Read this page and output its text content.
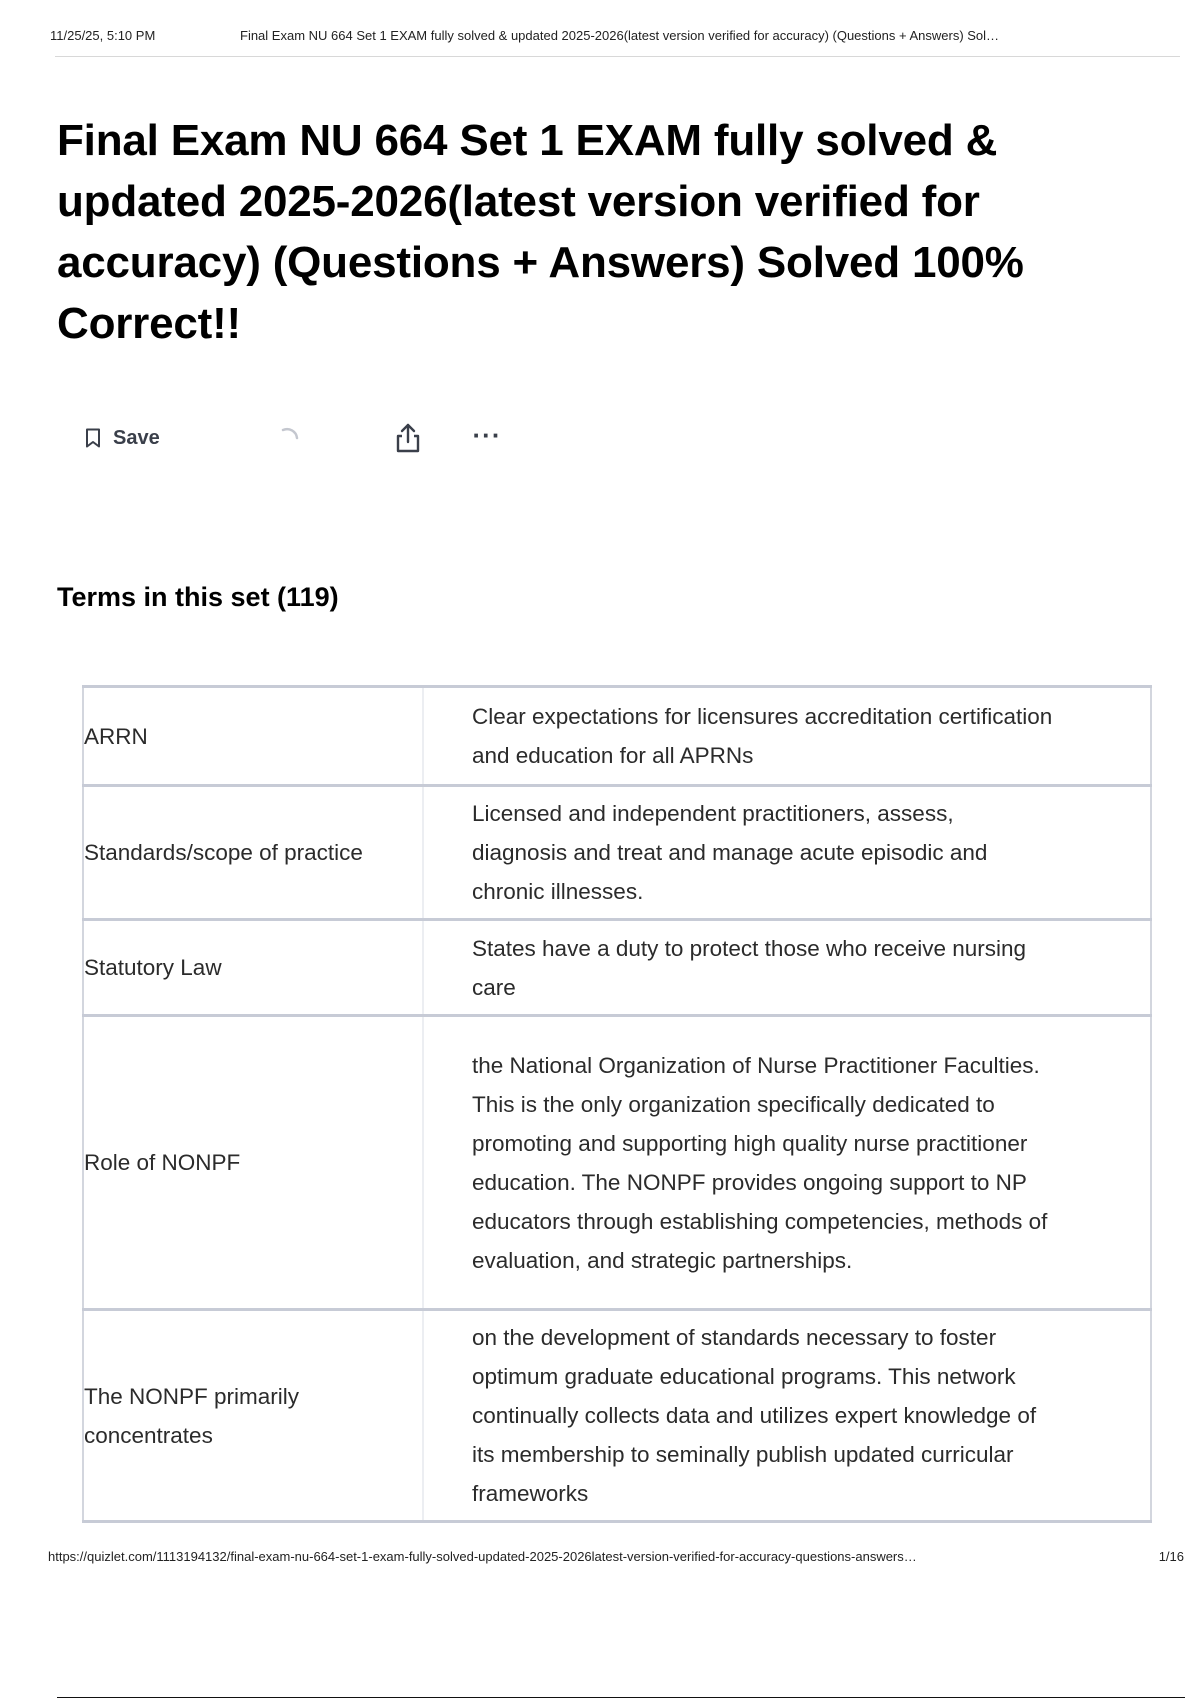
11/25/25, 5:10 PM	Final Exam NU 664 Set 1 EXAM fully solved & updated 2025-2026(latest version verified for accuracy) (Questions + Answers) Sol…
Final Exam NU 664 Set 1 EXAM fully solved & updated 2025-2026(latest version verified for accuracy) (Questions + Answers) Solved 100% Correct!!
Save	···
Terms in this set (119)
ARRN	Clear expectations for licensures accreditation certification and education for all APRNs
Standards/scope of practice	Licensed and independent practitioners, assess, diagnosis and treat and manage acute episodic and chronic illnesses.
Statutory Law	States have a duty to protect those who receive nursing care
Role of NONPF	the National Organization of Nurse Practitioner Faculties. This is the only organization specifically dedicated to promoting and supporting high quality nurse practitioner education. The NONPF provides ongoing support to NP educators through establishing competencies, methods of evaluation, and strategic partnerships.
The NONPF primarily concentrates	on the development of standards necessary to foster optimum graduate educational programs. This network continually collects data and utilizes expert knowledge of its membership to seminally publish updated curricular frameworks
https://quizlet.com/1113194132/final-exam-nu-664-set-1-exam-fully-solved-updated-2025-2026latest-version-verified-for-accuracy-questions-answers…	1/16
